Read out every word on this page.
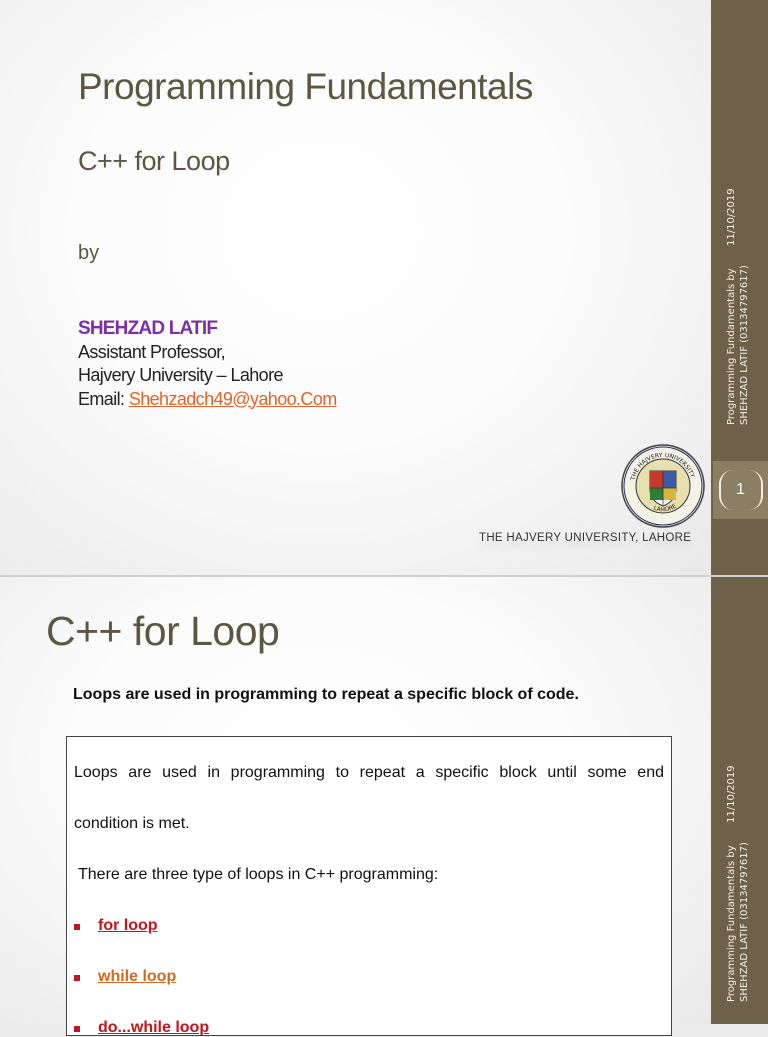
Programming Fundamentals
C++ for Loop
by
SHEHZAD LATIF
Assistant Professor,
Hajvery University – Lahore
Email: Shehzadch49@yahoo.Com
THE HAJVERY UNIVERSITY
LAHORE
THE HAJVERY UNIVERSITY, LAHORE
Programming Fundamentals by SHEHZAD LATIF (03134797617)
11/10/2019
1
C++ for Loop
Loops are used in programming to repeat a specific block of code.
Loops are used in programming to repeat a specific block until some end
condition is met.
There are three type of loops in C++ programming:
for loop
while loop
do...while loop
Programming Fundamentals by SHEHZAD LATIF (03134797617)
11/10/2019
